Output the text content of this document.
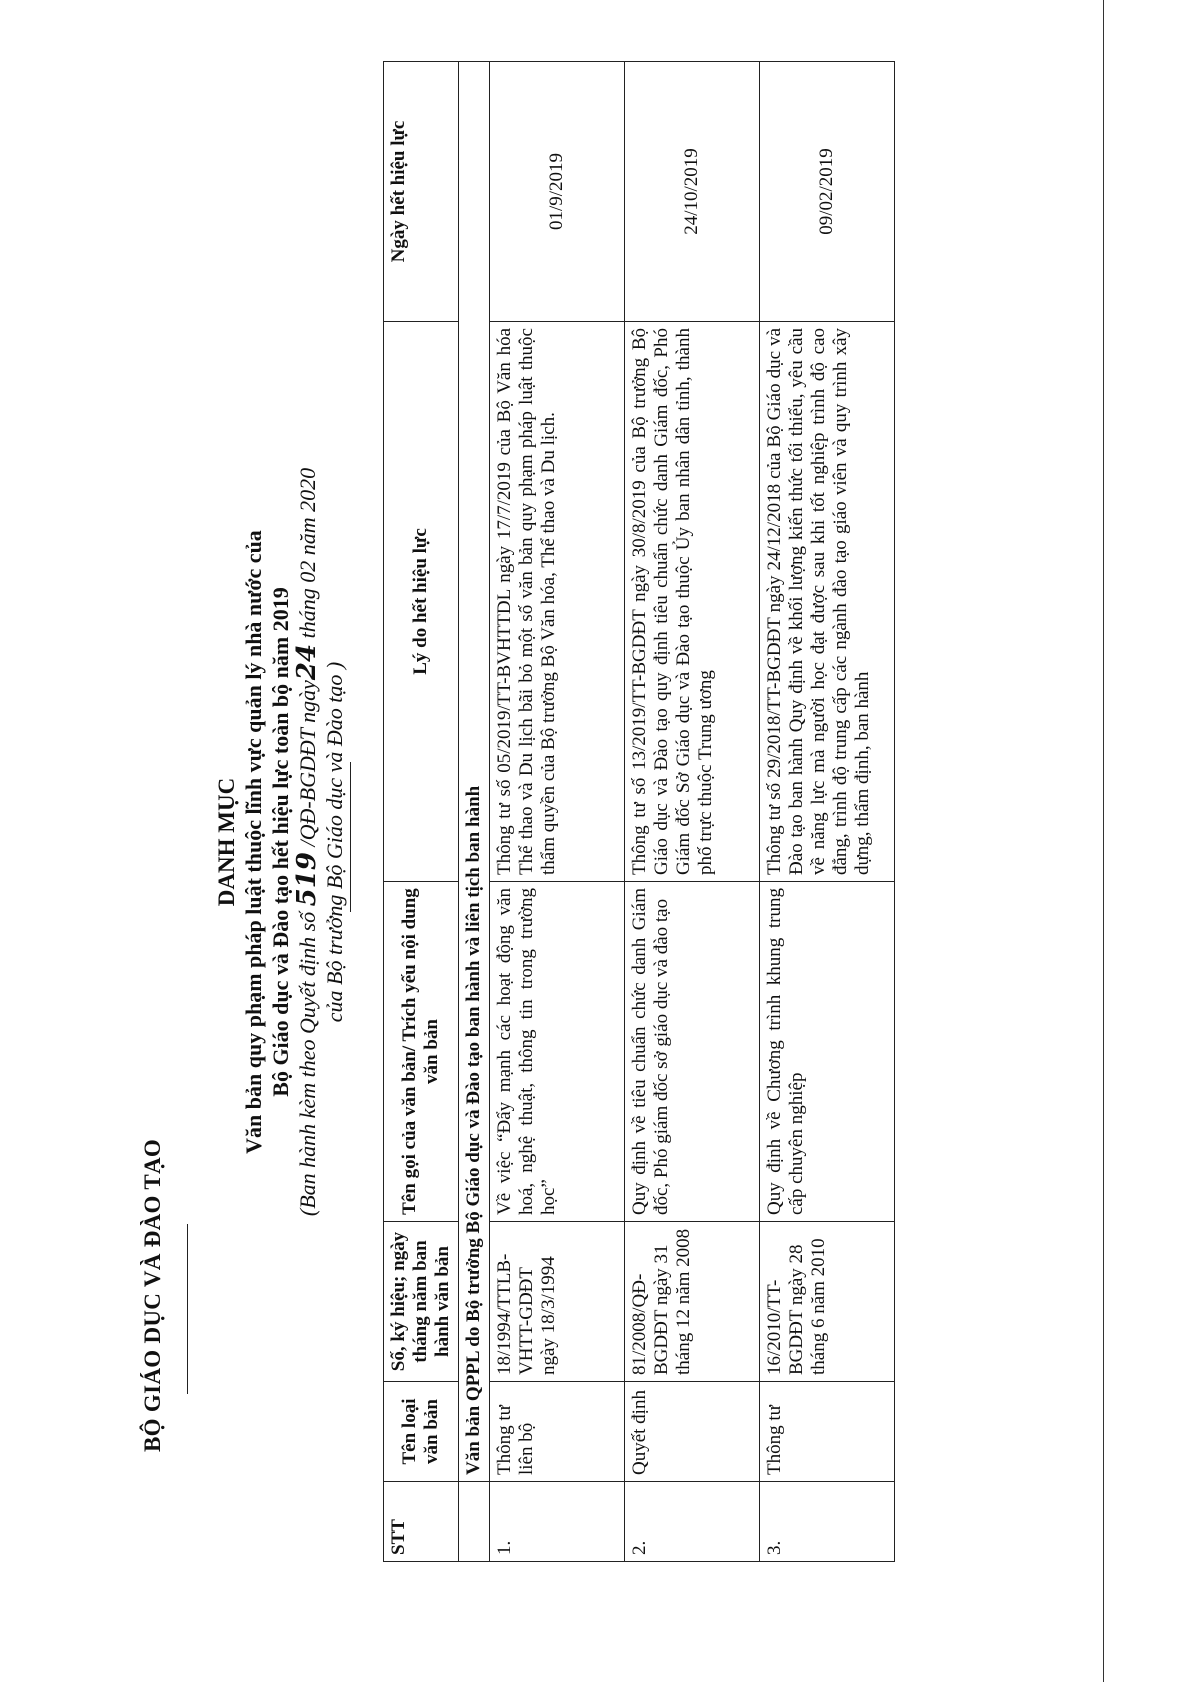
BỘ GIÁO DỤC VÀ ĐÀO TẠO
DANH MỤC Văn bản quy phạm pháp luật thuộc lĩnh vực quản lý nhà nước của Bộ Giáo dục và Đào tạo hết hiệu lực toàn bộ năm 2019 (Ban hành kèm theo Quyết định số 519 /QĐ-BGDĐT ngày24 tháng 02 năm 2020
của Bộ trưởng Bộ Giáo dục và Đào tạo )
STT	Tên loại văn bản	Số, ký hiệu; ngày tháng năm ban hành văn bản	Tên gọi của văn bản/ Trích yếu nội dung văn bản	Lý do hết hiệu lực	Ngày hết hiệu lực
	Văn bản QPPL do Bộ trưởng Bộ Giáo dục và Đào tạo ban hành và liên tịch ban hành				
1.	Thông tư liên bộ	18/1994/TTLB-VHTT-GDĐT ngày 18/3/1994	Về việc “Đẩy mạnh các hoạt động văn hoá, nghệ thuật, thông tin trong trường học”	Thông tư số 05/2019/TT-BVHTTDL ngày 17/7/2019 của Bộ Văn hóa Thể thao và Du lịch bãi bỏ một số văn bản quy phạm pháp luật thuộc thẩm quyền của Bộ trưởng Bộ Văn hóa, Thể thao và Du lịch.	01/9/2019
2.	Quyết định	81/2008/QĐ-BGDĐT ngày 31 tháng 12 năm 2008	Quy định về tiêu chuẩn chức danh Giám đốc, Phó giám đốc sở giáo dục và đào tạo	Thông tư số 13/2019/TT-BGDĐT ngày 30/8/2019 của Bộ trưởng Bộ Giáo dục và Đào tạo quy định tiêu chuẩn chức danh Giám đốc, Phó Giám đốc Sở Giáo dục và Đào tạo thuộc Ủy ban nhân dân tỉnh, thành phố trực thuộc Trung ương	24/10/2019
3.	Thông tư	16/2010/TT-BGDĐT ngày 28 tháng 6 năm 2010	Quy định về Chương trình khung trung cấp chuyên nghiệp	Thông tư số 29/2018/TT-BGDĐT ngày 24/12/2018 của Bộ Giáo dục và Đào tạo ban hành Quy định về khối lượng kiến thức tối thiểu, yêu cầu về năng lực mà người học đạt được sau khi tốt nghiệp trình độ cao đẳng, trình độ trung cấp các ngành đào tạo giáo viên và quy trình xây dựng, thẩm định, ban hành	09/02/2019
